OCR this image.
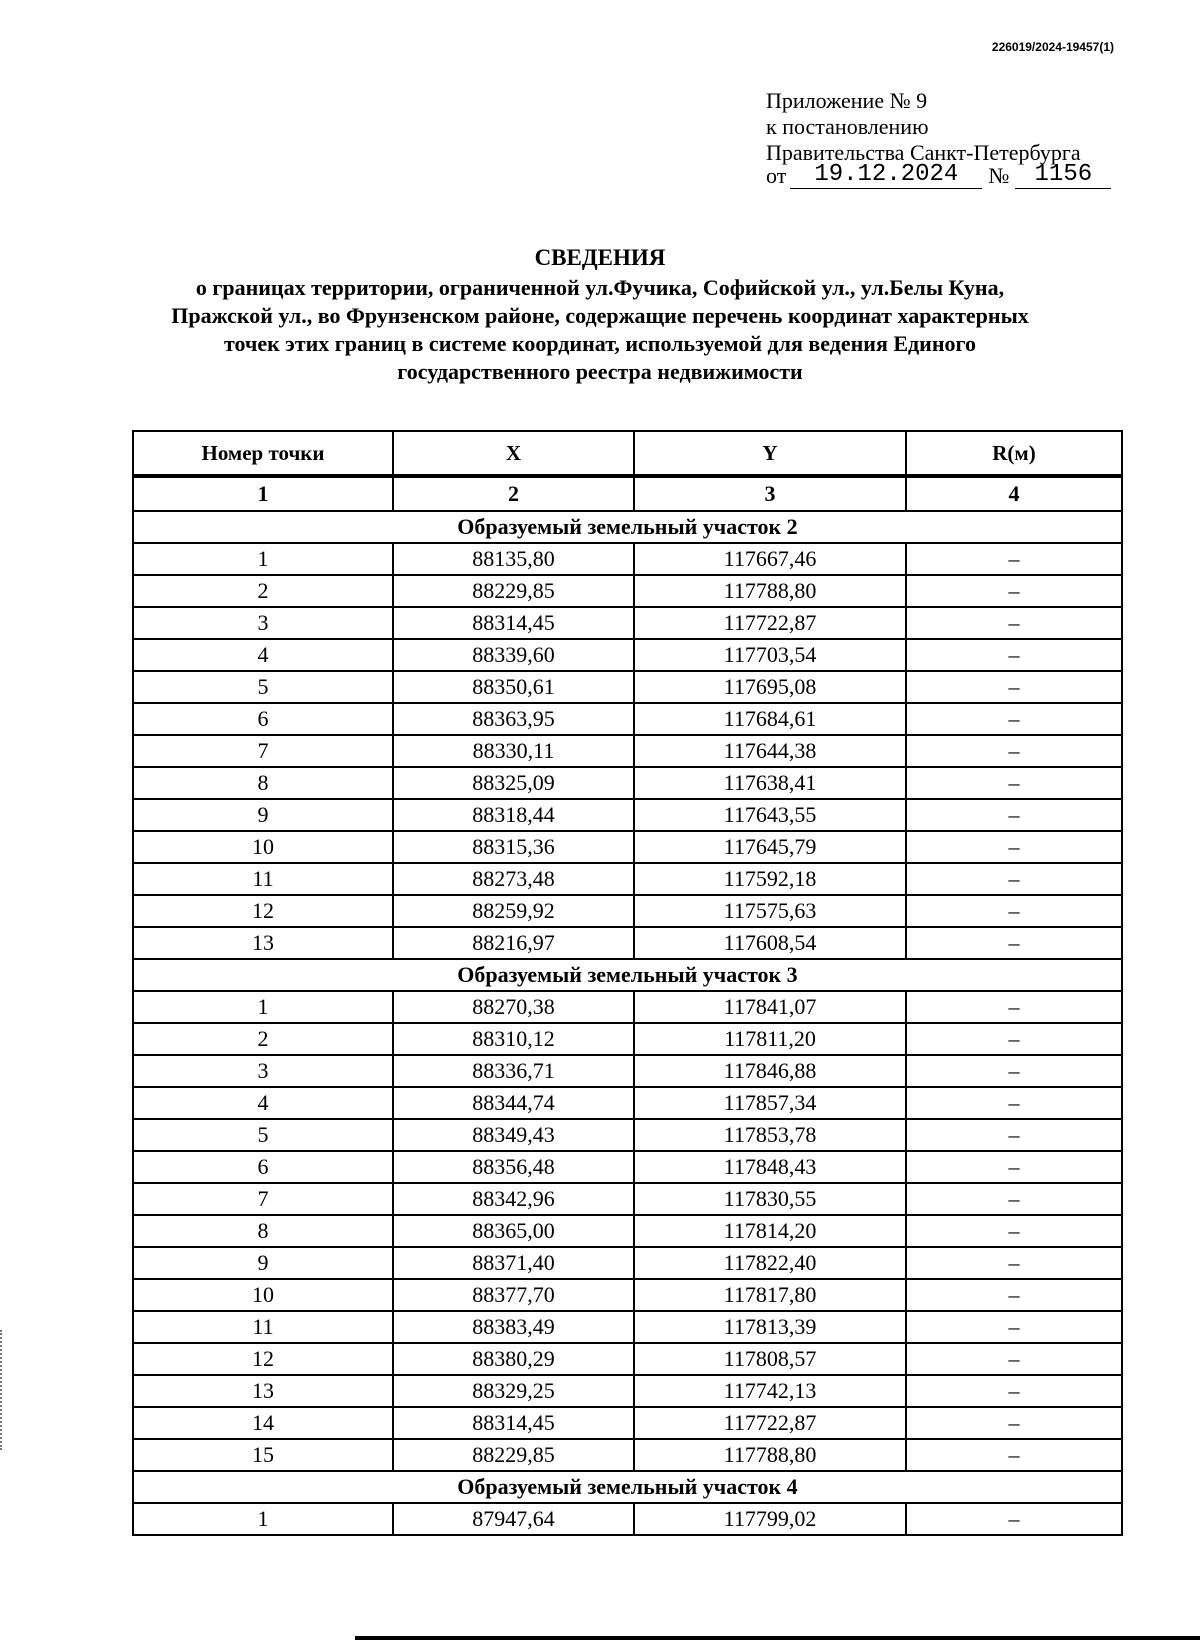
226019/2024-19457(1)
Приложение № 9
к постановлению
Правительства Санкт-Петербурга
от	19.12.2024	№	1156
СВЕДЕНИЯ
о границах территории, ограниченной ул.Фучика, Софийской ул., ул.Белы Куна,
Пражской ул., во Фрунзенском районе, содержащие перечень координат характерных
точек этих границ в системе координат, используемой для ведения Единого
государственного реестра недвижимости
Номер точки	X	Y	R(м)
1	2	3	4
Образуемый земельный участок 2			
1	88135,80	117667,46	–
2	88229,85	117788,80	–
3	88314,45	117722,87	–
4	88339,60	117703,54	–
5	88350,61	117695,08	–
6	88363,95	117684,61	–
7	88330,11	117644,38	–
8	88325,09	117638,41	–
9	88318,44	117643,55	–
10	88315,36	117645,79	–
11	88273,48	117592,18	–
12	88259,92	117575,63	–
13	88216,97	117608,54	–
Образуемый земельный участок 3			
1	88270,38	117841,07	–
2	88310,12	117811,20	–
3	88336,71	117846,88	–
4	88344,74	117857,34	–
5	88349,43	117853,78	–
6	88356,48	117848,43	–
7	88342,96	117830,55	–
8	88365,00	117814,20	–
9	88371,40	117822,40	–
10	88377,70	117817,80	–
11	88383,49	117813,39	–
12	88380,29	117808,57	–
13	88329,25	117742,13	–
14	88314,45	117722,87	–
15	88229,85	117788,80	–
Образуемый земельный участок 4			
1	87947,64	117799,02	–
